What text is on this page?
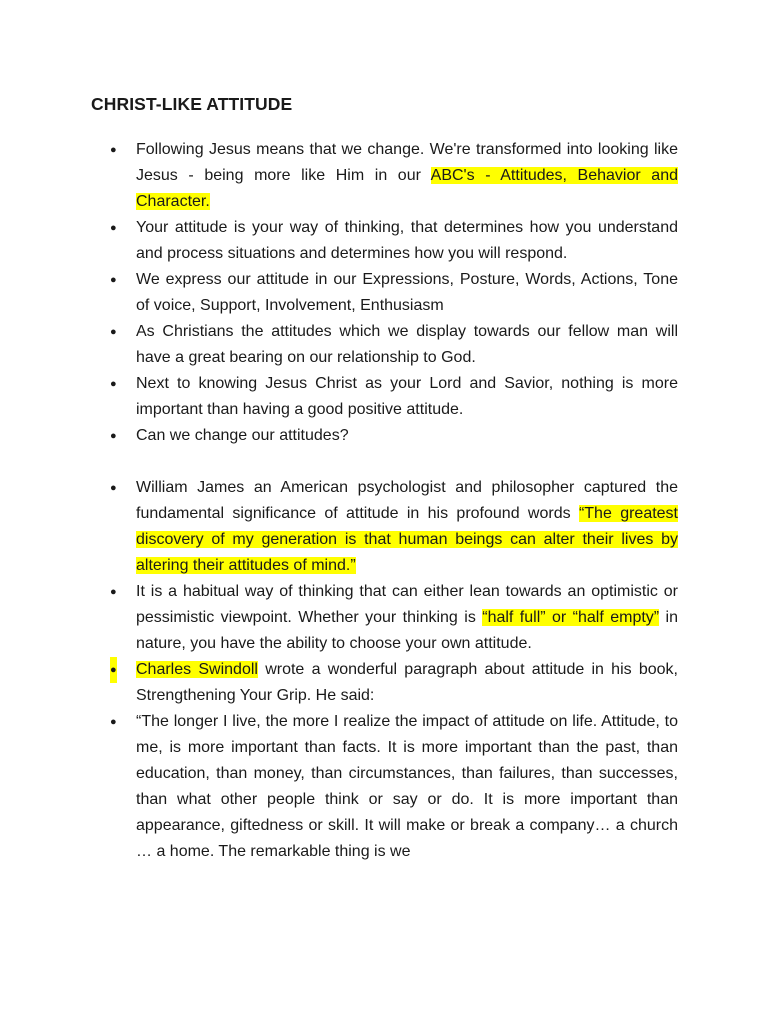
CHRIST-LIKE ATTITUDE
● Following Jesus means that we change. We're transformed into looking like Jesus - being more like Him in our ABC's - Attitudes, Behavior and Character.
● Your attitude is your way of thinking, that determines how you understand and process situations and determines how you will respond.
● We express our attitude in our Expressions, Posture, Words, Actions, Tone of voice, Support, Involvement, Enthusiasm
● As Christians the attitudes which we display towards our fellow man will have a great bearing on our relationship to God.
● Next to knowing Jesus Christ as your Lord and Savior, nothing is more important than having a good positive attitude.
● Can we change our attitudes?
● William James an American psychologist and philosopher captured the fundamental significance of attitude in his profound words “The greatest discovery of my generation is that human beings can alter their lives by altering their attitudes of mind.”
● It is a habitual way of thinking that can either lean towards an optimistic or pessimistic viewpoint. Whether your thinking is “half full” or “half empty” in nature, you have the ability to choose your own attitude.
● Charles Swindoll wrote a wonderful paragraph about attitude in his book, Strengthening Your Grip. He said:
● “The longer I live, the more I realize the impact of attitude on life. Attitude, to me, is more important than facts. It is more important than the past, than education, than money, than circumstances, than failures, than successes, than what other people think or say or do. It is more important than appearance, giftedness or skill. It will make or break a company… a church … a home. The remarkable thing is we
